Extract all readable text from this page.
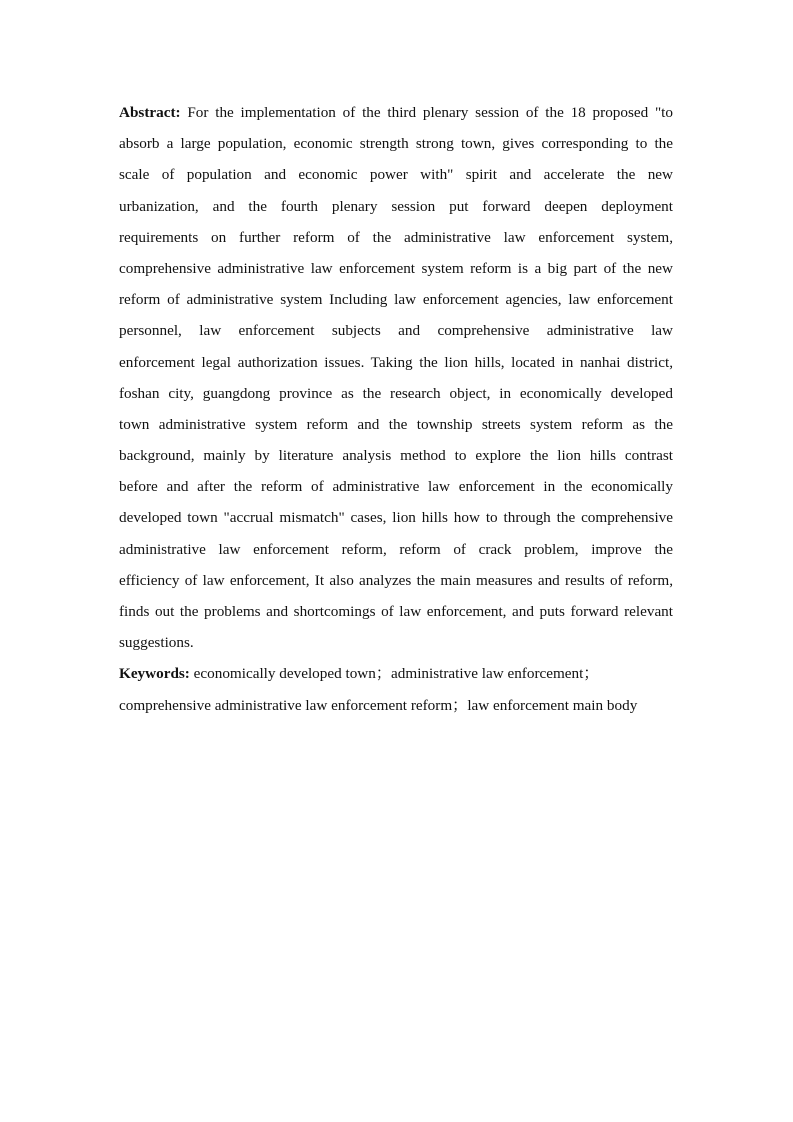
Abstract: For the implementation of the third plenary session of the 18 proposed "to
absorb a large population, economic strength strong town, gives corresponding to the
scale of population and economic power with" spirit and accelerate the new
urbanization, and the fourth plenary session put forward deepen deployment
requirements on further reform of the administrative law enforcement system,
comprehensive administrative law enforcement system reform is a big part of the new
reform of administrative system Including law enforcement agencies, law enforcement
personnel, law enforcement subjects and comprehensive administrative law
enforcement legal authorization issues. Taking the lion hills, located in nanhai district,
foshan city, guangdong province as the research object, in economically developed
town administrative system reform and the township streets system reform as the
background, mainly by literature analysis method to explore the lion hills contrast
before and after the reform of administrative law enforcement in the economically
developed town "accrual mismatch" cases, lion hills how to through the comprehensive
administrative law enforcement reform, reform of crack problem, improve the
efficiency of law enforcement, It also analyzes the main measures and results of reform,
finds out the problems and shortcomings of law enforcement, and puts forward relevant
suggestions.
Keywords: economically developed town；administrative law enforcement；
comprehensive administrative law enforcement reform；law enforcement main body
